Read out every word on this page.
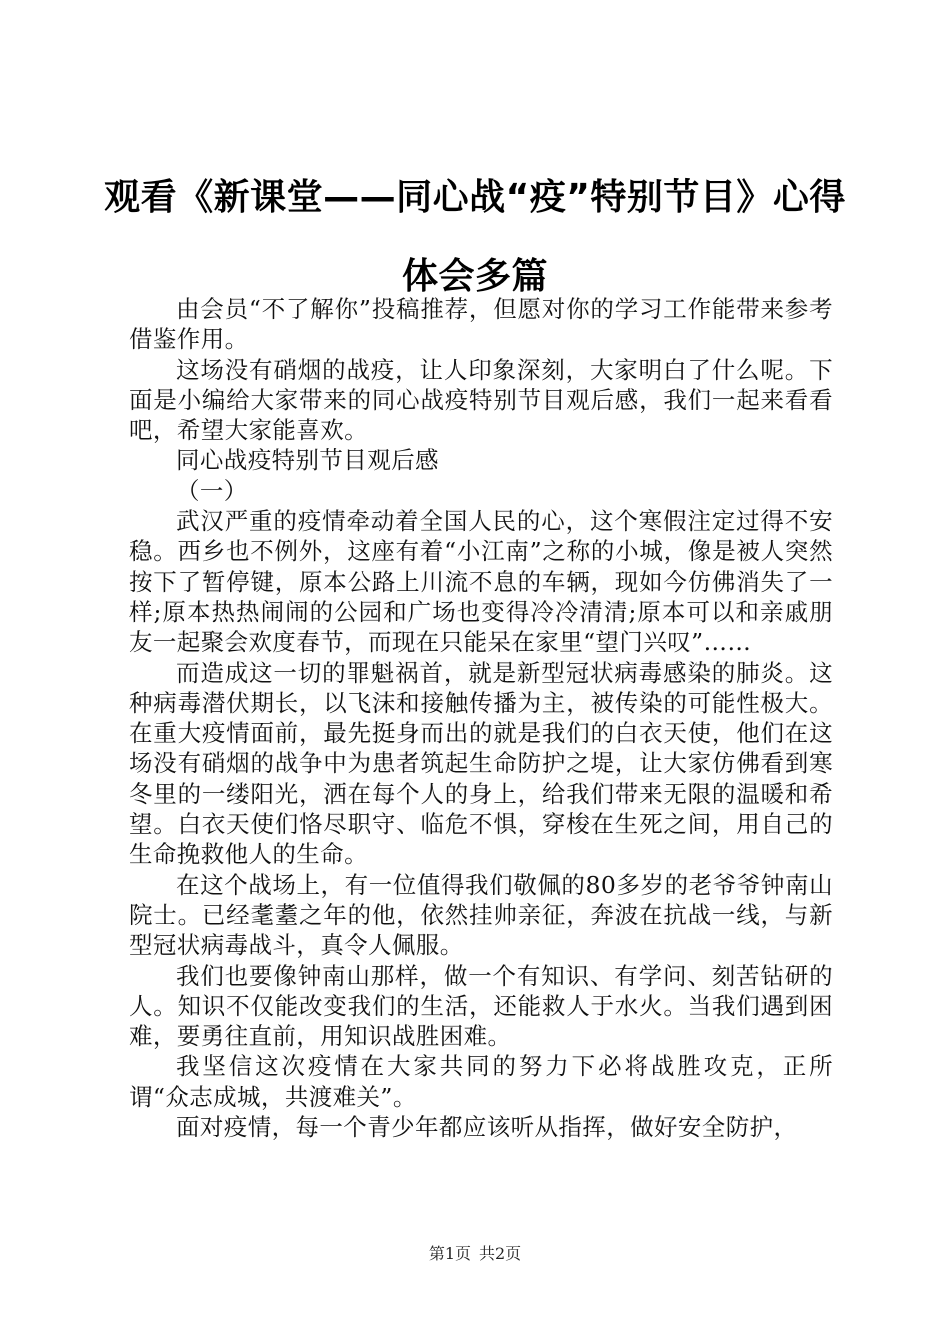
观看《新课堂——同心战“疫”特别节目》心得体会多篇

由会员“不了解你”投稿推荐，但愿对你的学习工作能带来参考借鉴作用。

这场没有硝烟的战疫，让人印象深刻，大家明白了什么呢。下面是小编给大家带来的同心战疫特别节目观后感，我们一起来看看吧，希望大家能喜欢。

同心战疫特别节目观后感

（一）

武汉严重的疫情牵动着全国人民的心，这个寒假注定过得不安稳。西乡也不例外，这座有着“小江南”之称的小城，像是被人突然按下了暂停键，原本公路上川流不息的车辆，现如今仿佛消失了一样;原本热热闹闹的公园和广场也变得冷冷清清;原本可以和亲戚朋友一起聚会欢度春节，而现在只能呆在家里“望门兴叹”……

而造成这一切的罪魁祸首，就是新型冠状病毒感染的肺炎。这种病毒潜伏期长，以飞沫和接触传播为主，被传染的可能性极大。在重大疫情面前，最先挺身而出的就是我们的白衣天使，他们在这场没有硝烟的战争中为患者筑起生命防护之堤，让大家仿佛看到寒冬里的一缕阳光，洒在每个人的身上，给我们带来无限的温暖和希望。白衣天使们恪尽职守、临危不惧，穿梭在生死之间，用自己的生命挽救他人的生命。

在这个战场上，有一位值得我们敬佩的80多岁的老爷爷钟南山院士。已经耄耋之年的他，依然挂帅亲征，奔波在抗战一线，与新型冠状病毒战斗，真令人佩服。

我们也要像钟南山那样，做一个有知识、有学问、刻苦钻研的人。知识不仅能改变我们的生活，还能救人于水火。当我们遇到困难，要勇往直前，用知识战胜困难。

我坚信这次疫情在大家共同的努力下必将战胜攻克，正所谓“众志成城，共渡难关”。

面对疫情，每一个青少年都应该听从指挥，做好安全防护，

第1页 共2页
